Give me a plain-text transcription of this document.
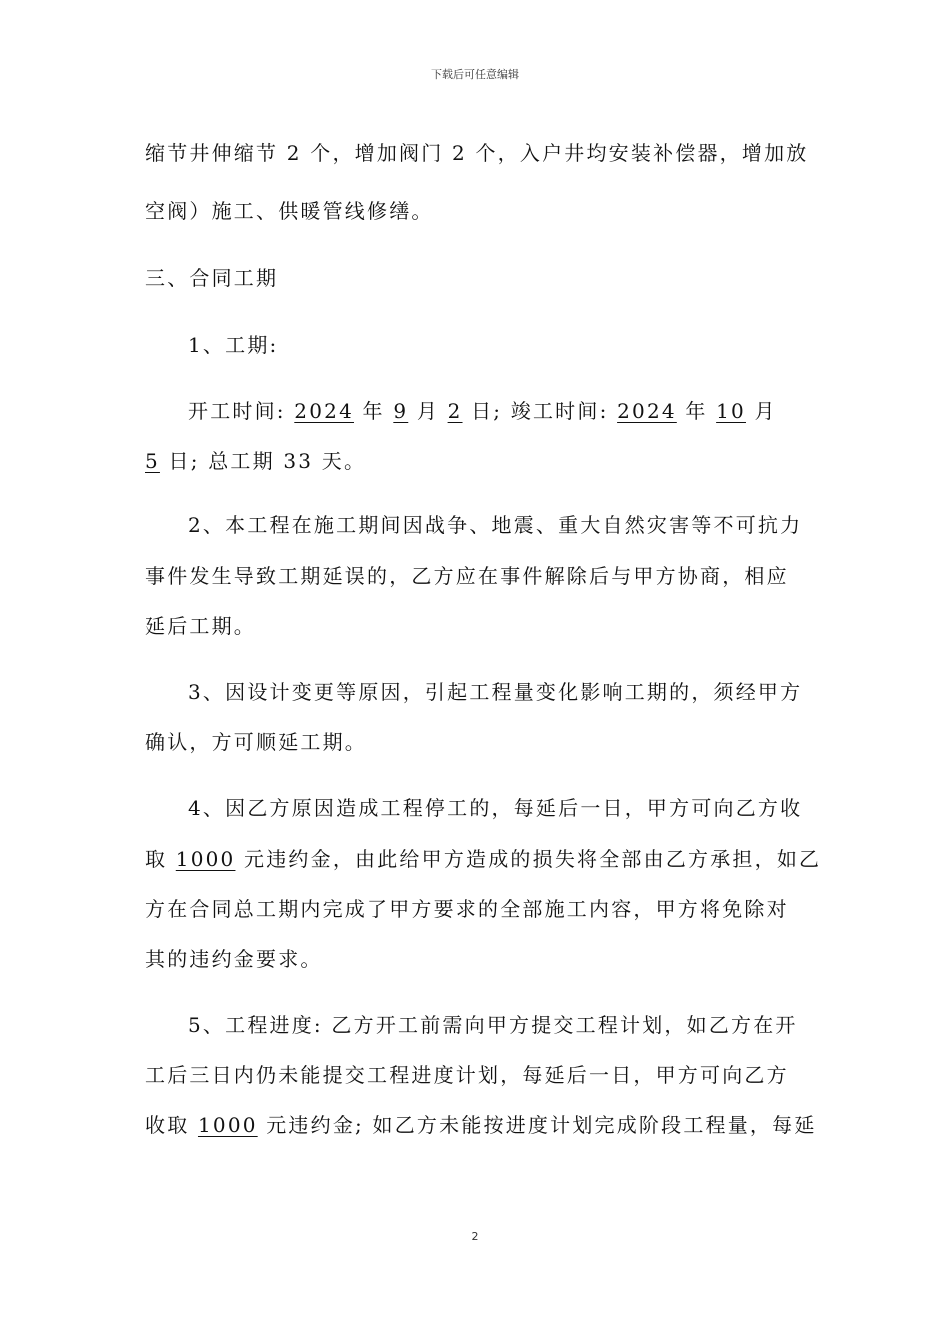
下载后可任意编辑
缩节井伸缩节 2 个，增加阀门 2 个，入户井均安装补偿器，增加放
空阀）施工、供暖管线修缮。
三、合同工期
1、工期:
开工时间: 2024 年 9 月 2 日; 竣工时间: 2024 年 10 月
5 日; 总工期 33 天。
2、本工程在施工期间因战争、地震、重大自然灾害等不可抗力
事件发生导致工期延误的，乙方应在事件解除后与甲方协商，相应
延后工期。
3、因设计变更等原因，引起工程量变化影响工期的，须经甲方
确认，方可顺延工期。
4、因乙方原因造成工程停工的，每延后一日，甲方可向乙方收
取 1000 元违约金，由此给甲方造成的损失将全部由乙方承担，如乙
方在合同总工期内完成了甲方要求的全部施工内容，甲方将免除对
其的违约金要求。
5、工程进度: 乙方开工前需向甲方提交工程计划，如乙方在开
工后三日内仍未能提交工程进度计划，每延后一日，甲方可向乙方
收取 1000 元违约金; 如乙方未能按进度计划完成阶段工程量，每延
2
